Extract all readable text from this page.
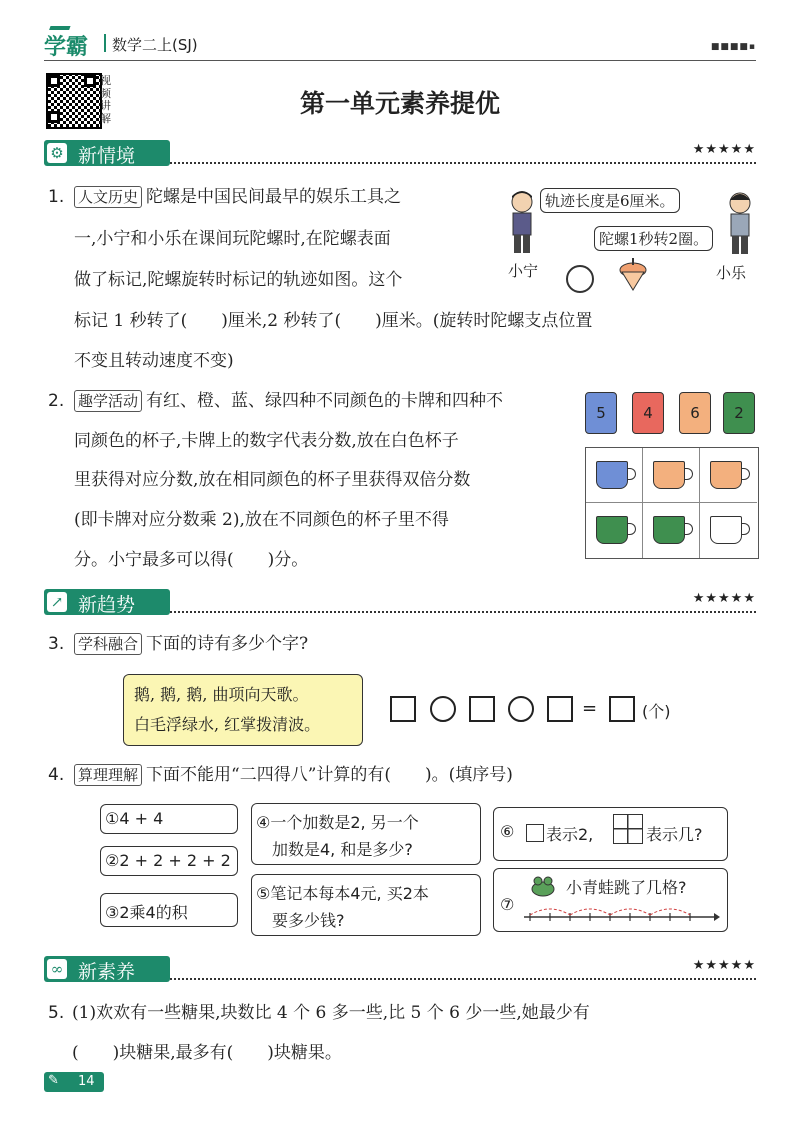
学霸 数学二上(SJ)	■■■■▪
视频讲解	第一单元素养提优
⚙ 新情境	★★★★★
1. 人文历史 陀螺是中国民间最早的娱乐工具之
一,小宁和小乐在课间玩陀螺时,在陀螺表面
做了标记,陀螺旋转时标记的轨迹如图。这个
标记 1 秒转了(　　)厘米,2 秒转了(　　)厘米。(旋转时陀螺支点位置
不变且转动速度不变)
小宁
轨迹长度是6厘米。
陀螺1秒转2圈。
小乐
2. 趣学活动 有红、橙、蓝、绿四种不同颜色的卡牌和四种不
同颜色的杯子,卡牌上的数字代表分数,放在白色杯子
里获得对应分数,放在相同颜色的杯子里获得双倍分数
(即卡牌对应分数乘 2),放在不同颜色的杯子里不得
分。小宁最多可以得(　　)分。
5	4	6	2
↗ 新趋势	★★★★★
3. 学科融合 下面的诗有多少个字?
鹅, 鹅, 鹅, 曲项向天歌。
白毛浮绿水, 红掌拨清波。
=	(个)
4. 算理理解 下面不能用“二四得八”计算的有(　　)。(填序号)
①4 + 4
②2 + 2 + 2 + 2
③2乘4的积
④一个加数是2, 另一个
加数是4, 和是多少?
⑤笔记本每本4元, 买2本
要多少钱?
⑥ 表示2,	表示几?
⑦
小青蛙跳了几格?
∞ 新素养	★★★★★
5. (1)欢欢有一些糖果,块数比 4 个 6 多一些,比 5 个 6 少一些,她最少有
(　　)块糖果,最多有(　　)块糖果。
✎ 14
